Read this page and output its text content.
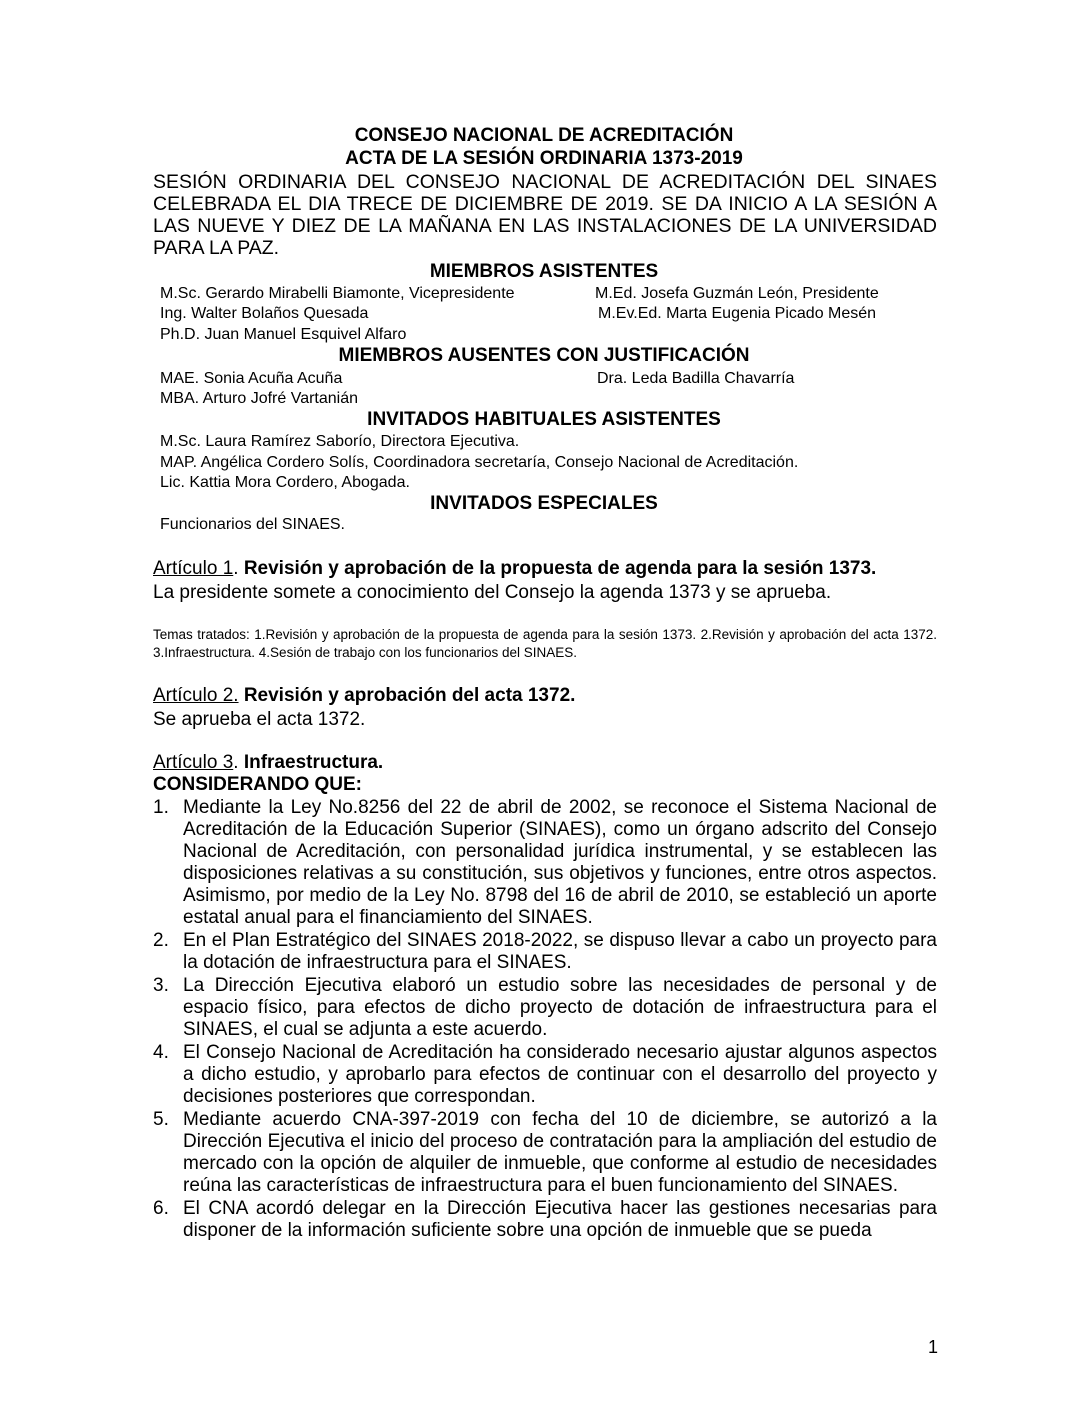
CONSEJO NACIONAL DE ACREDITACIÓN
ACTA DE LA SESIÓN ORDINARIA 1373-2019

SESIÓN ORDINARIA DEL CONSEJO NACIONAL DE ACREDITACIÓN DEL SINAES CELEBRADA EL DIA TRECE DE DICIEMBRE DE 2019. SE DA INICIO A LA SESIÓN A LAS NUEVE Y DIEZ DE LA MAÑANA EN LAS INSTALACIONES DE LA UNIVERSIDAD PARA LA PAZ.

MIEMBROS ASISTENTES
M.Sc. Gerardo Mirabelli Biamonte, Vicepresidente	M.Ed. Josefa Guzmán León, Presidente
Ing. Walter Bolaños Quesada	M.Ev.Ed. Marta Eugenia Picado Mesén
Ph.D. Juan Manuel Esquivel Alfaro
MIEMBROS AUSENTES CON JUSTIFICACIÓN
MAE. Sonia Acuña Acuña	Dra. Leda Badilla Chavarría
MBA. Arturo Jofré Vartanián
INVITADOS HABITUALES ASISTENTES
M.Sc. Laura Ramírez Saborío, Directora Ejecutiva.
MAP. Angélica Cordero Solís, Coordinadora secretaría, Consejo Nacional de Acreditación.
Lic. Kattia Mora Cordero, Abogada.
INVITADOS ESPECIALES
Funcionarios del SINAES.
Artículo 1. Revisión y aprobación de la propuesta de agenda para la sesión 1373.
La presidente somete a conocimiento del Consejo la agenda 1373 y se aprueba.

Temas tratados: 1.Revisión y aprobación de la propuesta de agenda para la sesión 1373. 2.Revisión y aprobación del acta 1372. 3.Infraestructura. 4.Sesión de trabajo con los funcionarios del SINAES.

Artículo 2. Revisión y aprobación del acta 1372.
Se aprueba el acta 1372.
Artículo 3. Infraestructura.
CONSIDERANDO QUE:
1. Mediante la Ley No.8256 del 22 de abril de 2002, se reconoce el Sistema Nacional de Acreditación de la Educación Superior (SINAES), como un órgano adscrito del Consejo Nacional de Acreditación, con personalidad jurídica instrumental, y se establecen las disposiciones relativas a su constitución, sus objetivos y funciones, entre otros aspectos. Asimismo, por medio de la Ley No. 8798 del 16 de abril de 2010, se estableció un aporte estatal anual para el financiamiento del SINAES.
2. En el Plan Estratégico del SINAES 2018-2022, se dispuso llevar a cabo un proyecto para la dotación de infraestructura para el SINAES.
3. La Dirección Ejecutiva elaboró un estudio sobre las necesidades de personal y de espacio físico, para efectos de dicho proyecto de dotación de infraestructura para el SINAES, el cual se adjunta a este acuerdo.
4. El Consejo Nacional de Acreditación ha considerado necesario ajustar algunos aspectos a dicho estudio, y aprobarlo para efectos de continuar con el desarrollo del proyecto y decisiones posteriores que correspondan.
5. Mediante acuerdo CNA-397-2019 con fecha del 10 de diciembre, se autorizó a la Dirección Ejecutiva el inicio del proceso de contratación para la ampliación del estudio de mercado con la opción de alquiler de inmueble, que conforme al estudio de necesidades reúna las características de infraestructura para el buen funcionamiento del SINAES.
6. El CNA acordó delegar en la Dirección Ejecutiva hacer las gestiones necesarias para disponer de la información suficiente sobre una opción de inmueble que se pueda
1
